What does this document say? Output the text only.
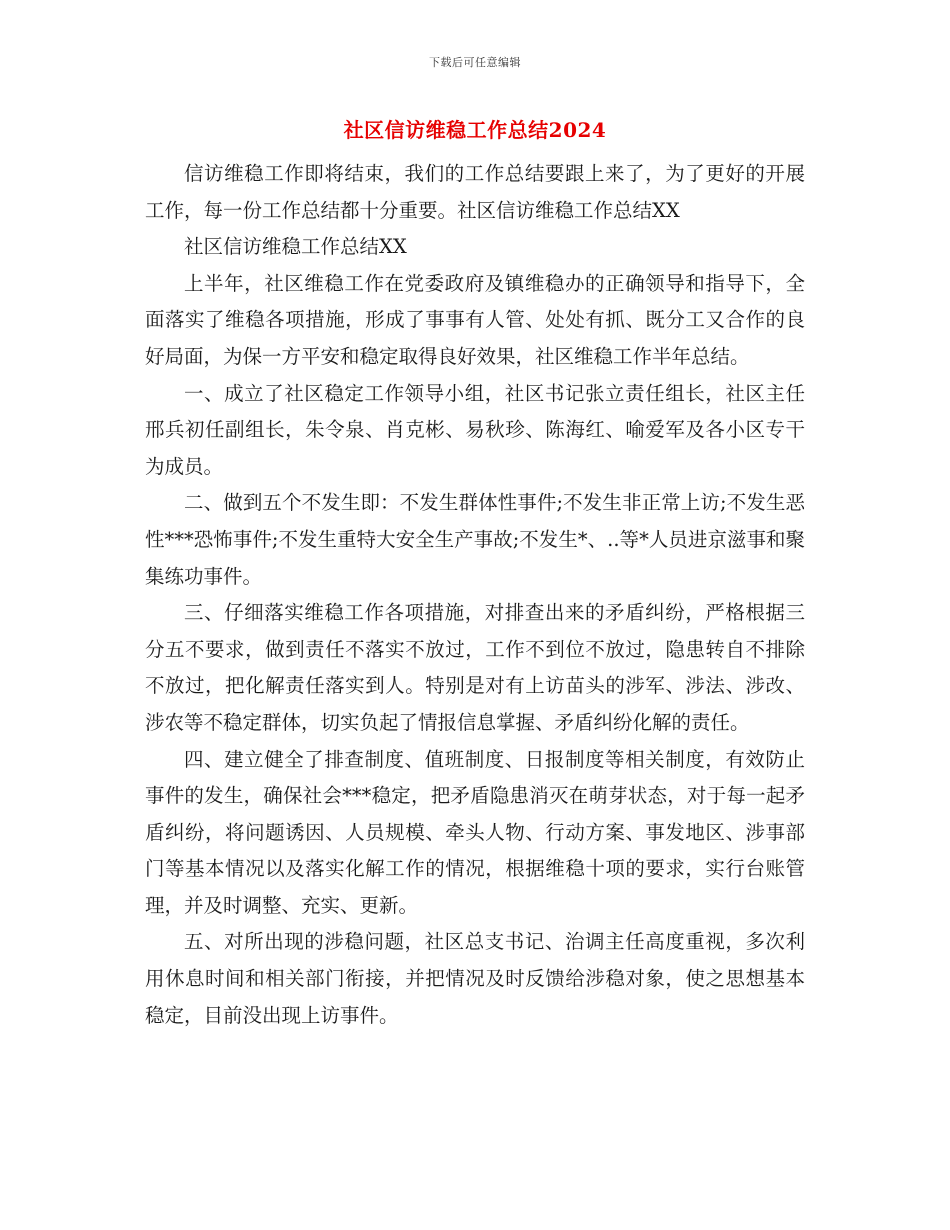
下载后可任意编辑
社区信访维稳工作总结2024

信访维稳工作即将结束，我们的工作总结要跟上来了，为了更好的开展工作，每一份工作总结都十分重要。社区信访维稳工作总结XX

社区信访维稳工作总结XX

上半年，社区维稳工作在党委政府及镇维稳办的正确领导和指导下，全面落实了维稳各项措施，形成了事事有人管、处处有抓、既分工又合作的良好局面，为保一方平安和稳定取得良好效果，社区维稳工作半年总结。

一、成立了社区稳定工作领导小组，社区书记张立责任组长，社区主任邢兵初任副组长，朱令泉、肖克彬、易秋珍、陈海红、喻爱军及各小区专干为成员。

二、做到五个不发生即：不发生群体性事件;不发生非正常上访;不发生恶性***恐怖事件;不发生重特大安全生产事故;不发生*、..等*人员进京滋事和聚集练功事件。

三、仔细落实维稳工作各项措施，对排查出来的矛盾纠纷，严格根据三分五不要求，做到责任不落实不放过，工作不到位不放过，隐患转自不排除不放过，把化解责任落实到人。特别是对有上访苗头的涉军、涉法、涉改、涉农等不稳定群体，切实负起了情报信息掌握、矛盾纠纷化解的责任。

四、建立健全了排查制度、值班制度、日报制度等相关制度，有效防止事件的发生，确保社会***稳定，把矛盾隐患消灭在萌芽状态，对于每一起矛盾纠纷，将问题诱因、人员规模、牵头人物、行动方案、事发地区、涉事部门等基本情况以及落实化解工作的情况，根据维稳十项的要求，实行台账管理，并及时调整、充实、更新。

五、对所出现的涉稳问题，社区总支书记、治调主任高度重视，多次利用休息时间和相关部门衔接，并把情况及时反馈给涉稳对象，使之思想基本稳定，目前没出现上访事件。
